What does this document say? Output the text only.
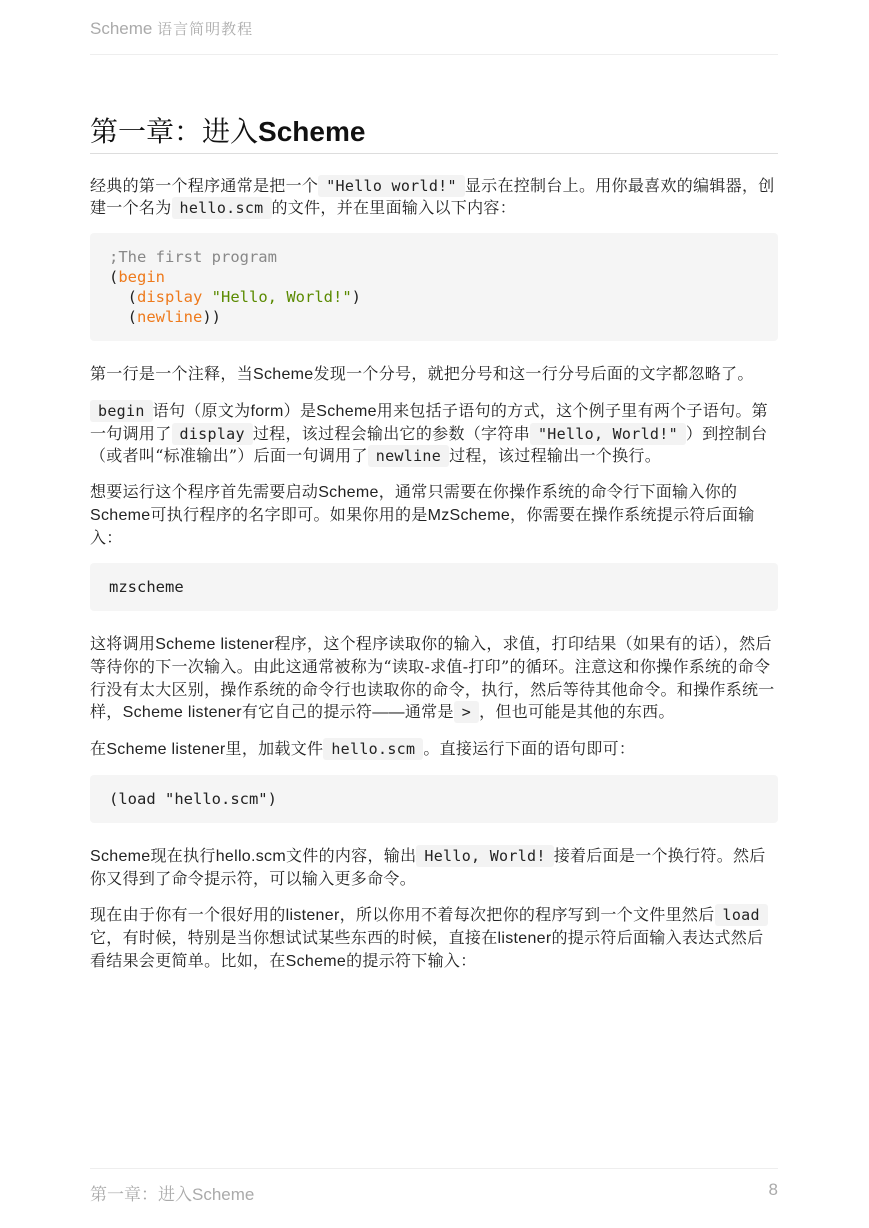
Scheme 语言简明教程
第一章：进入Scheme

经典的第一个程序通常是把一个 "Hello world!" 显示在控制台上。用你最喜欢的编辑器，创建一个名为 hello.scm 的文件，并在里面输入以下内容：

;The first program
(begin
(display "Hello, World!")
(newline))

第一行是一个注释，当Scheme发现一个分号，就把分号和这一行分号后面的文字都忽略了。

begin 语句（原文为form）是Scheme用来包括子语句的方式，这个例子里有两个子语句。第一句调用了 display 过程，该过程会输出它的参数（字符串 "Hello, World!" ）到控制台（或者叫“标准输出”）后面一句调用了 newline 过程，该过程输出一个换行。

想要运行这个程序首先需要启动Scheme，通常只需要在你操作系统的命令行下面输入你的Scheme可执行程序的名字即可。如果你用的是MzScheme，你需要在操作系统提示符后面输入：

mzscheme

这将调用Scheme listener程序，这个程序读取你的输入，求值，打印结果（如果有的话），然后等待你的下一次输入。由此这通常被称为“读取-求值-打印”的循环。注意这和你操作系统的命令行没有太大区别，操作系统的命令行也读取你的命令，执行，然后等待其他命令。和操作系统一样，Scheme listener有它自己的提示符——通常是 > ，但也可能是其他的东西。

在Scheme listener里，加载文件 hello.scm 。直接运行下面的语句即可：

(load "hello.scm")

Scheme现在执行hello.scm文件的内容，输出 Hello, World! 接着后面是一个换行符。然后你又得到了命令提示符，可以输入更多命令。

现在由于你有一个很好用的listener，所以你用不着每次把你的程序写到一个文件里然后 load它，有时候，特别是当你想试试某些东西的时候，直接在listener的提示符后面输入表达式然后看结果会更简单。比如，在Scheme的提示符下输入：

第一章：进入Scheme	8
